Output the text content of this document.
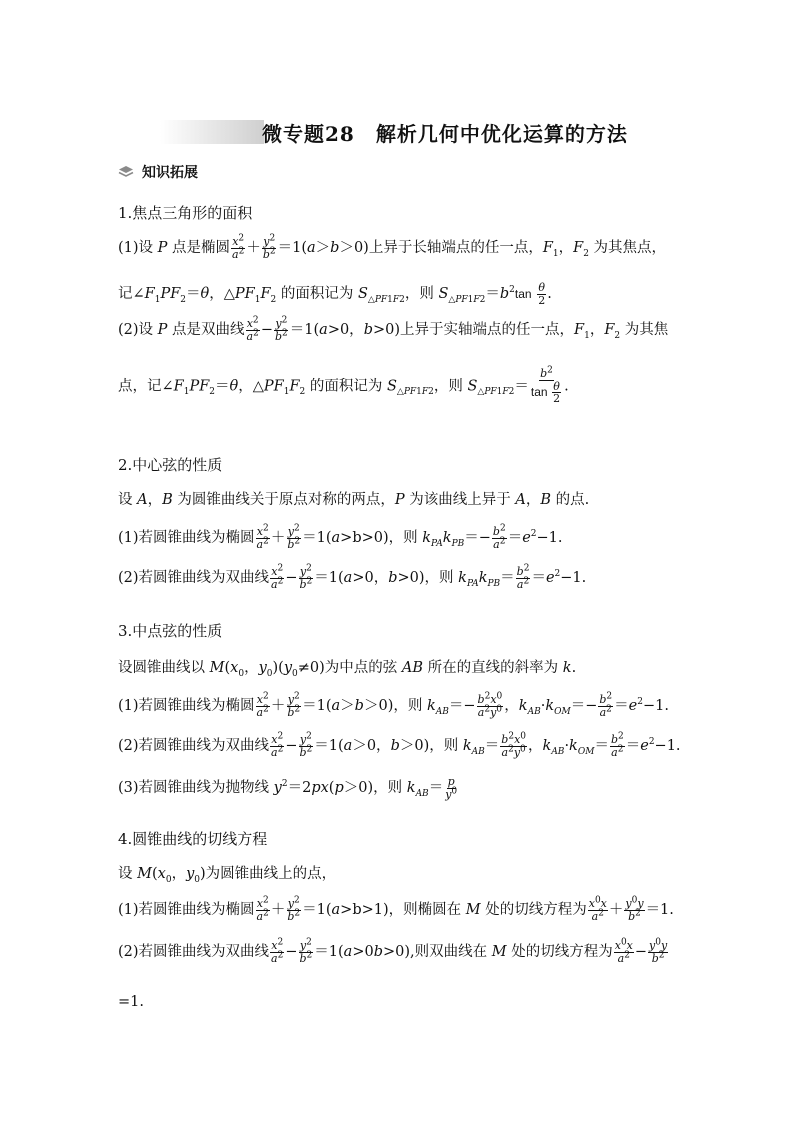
微专题28　解析几何中优化运算的方法
知识拓展
1.焦点三角形的面积
(1)设 P 点是椭圆 $\frac{x^2}{a^2} + \frac{y^2}{b^2} =1(a>b>0)$上异于长轴端点的任一点，$F_1$，$F_2$ 为其焦点，
记$\angle F_1PF_2=\theta$，$\triangle PF_1F_2$ 的面积记为 $S_{\triangle PF1F2}$，则 $S_{\triangle PF1F2}=b^2\tan \frac{\theta}{2}$ .
(2)设 P 点是双曲线 $\frac{x^2}{a^2} - \frac{y^2}{b^2} =1(a>0$，b>0)上异于实轴端点的任一点，$F_1$，$F_2$ 为其焦
点，记$\angle F_1PF_2=\theta$，$\triangle PF_1F_2$ 的面积记为 $S_{\triangle PF1F2}$，则 $S_{\triangle PF1F2}= \frac{b^2}{\tan \frac{\theta}{2}}$ .
2.中心弦的性质
设 A，B 为圆锥曲线关于原点对称的两点，P 为该曲线上异于 A，B 的点.
(1)若圆锥曲线为椭圆 $\frac{x^2}{a^2} + \frac{y^2}{b^2} =1(a>b>0)$，则 $k_{PA}k_{PB}=- \frac{b^2}{a^2} =e^2-1$.
(2)若圆锥曲线为双曲线 $\frac{x^2}{a^2} - \frac{y^2}{b^2} =1(a>0$，b>0)，则 $k_{PA}k_{PB}= \frac{b^2}{a^2} =e^2-1$.
3.中点弦的性质
设圆锥曲线以 $M(x_0$，$y_0)(y_0\ne 0)$为中点的弦 AB 所在的直线的斜率为 k.
(1)若圆锥曲线为椭圆 $\frac{x^2}{a^2} + \frac{y^2}{b^2} =1(a>b>0)$，则 $k_{AB}=- \frac{b^2x^0}{a^2y^0}$ ，$k_{AB}\cdot k_{OM}=- \frac{b^2}{a^2} =e^2-1$.
(2)若圆锥曲线为双曲线 $\frac{x^2}{a^2} - \frac{y^2}{b^2} =1(a>0$，b＞0)，则 $k_{AB}= \frac{b^2x^0}{a^2y^0}$ ，$k_{AB}\cdot k_{OM}= \frac{b^2}{a^2} =e^2-1$.
(3)若圆锥曲线为抛物线 $y^2=2px(p>0)$，则 $k_{AB}= \frac{p}{y^0}$
4.圆锥曲线的切线方程
设 $M(x_0$，$y_0$)为圆锥曲线上的点，
(1)若圆锥曲线为椭圆 $\frac{x^2}{a^2} + \frac{y^2}{b^2} =1(a>b>1)$，则椭圆在 M 处的切线方程为 $\frac{x^0x}{a^2} + \frac{y^0y}{b^2} =1$.
(2)若圆锥曲线为双曲线 $\frac{x^2}{a^2} - \frac{y^2}{b^2} =1(a>0b>0)$,则双曲线在 M 处的切线方程为 $\frac{x^0x}{a^2} - \frac{y^0y}{b^2}$
=1.
